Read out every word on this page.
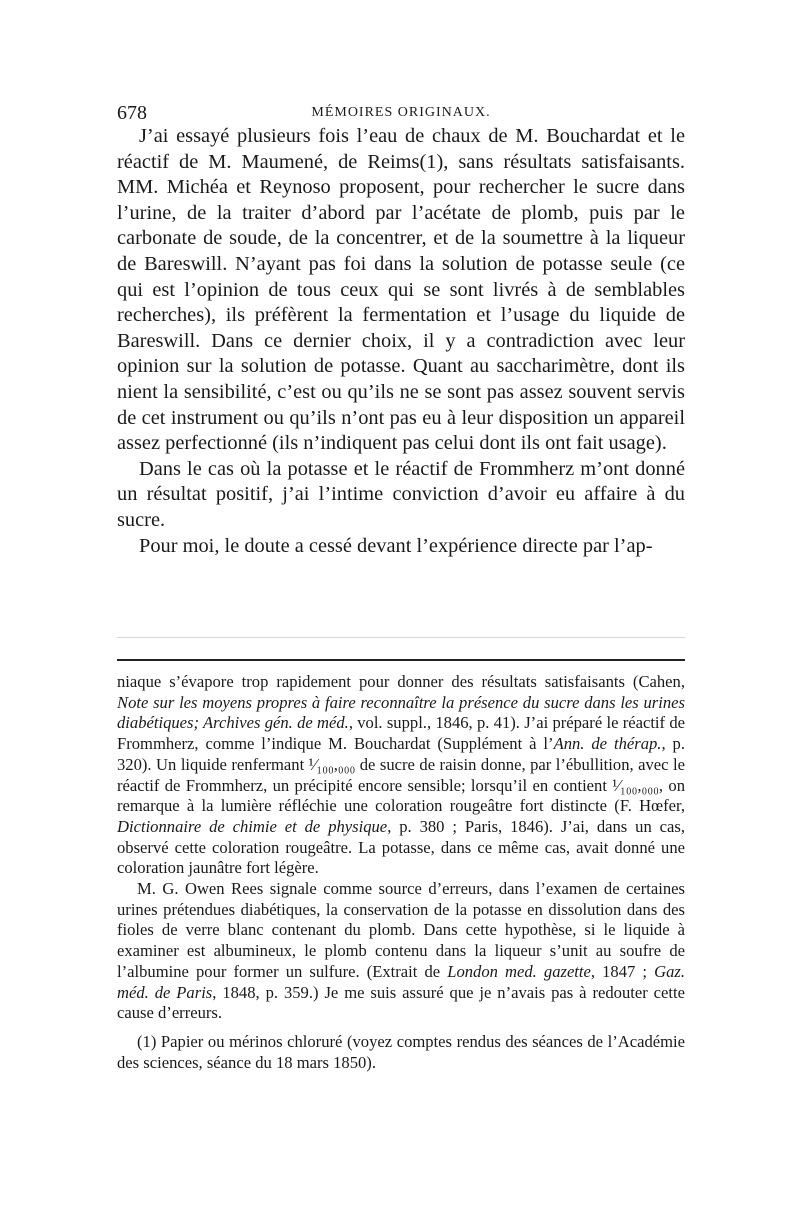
678	MÉMOIRES ORIGINAUX.

J’ai essayé plusieurs fois l’eau de chaux de M. Bouchardat et le réactif de M. Maumené, de Reims(1), sans résultats satisfaisants. MM. Michéa et Reynoso proposent, pour rechercher le sucre dans l’urine, de la traiter d’abord par l’acétate de plomb, puis par le carbonate de soude, de la concentrer, et de la soumettre à la liqueur de Bareswill. N’ayant pas foi dans la solution de potasse seule (ce qui est l’opinion de tous ceux qui se sont livrés à de semblables recherches), ils préfèrent la fermentation et l’usage du liquide de Bareswill. Dans ce dernier choix, il y a contradiction avec leur opinion sur la solution de potasse. Quant au saccharimètre, dont ils nient la sensibilité, c’est ou qu’ils ne se sont pas assez souvent servis de cet instrument ou qu’ils n’ont pas eu à leur disposition un appareil assez perfectionné (ils n’indiquent pas celui dont ils ont fait usage).

Dans le cas où la potasse et le réactif de Frommherz m’ont donné un résultat positif, j’ai l’intime conviction d’avoir eu affaire à du sucre.

Pour moi, le doute a cessé devant l’expérience directe par l’ap-

niaque s’évapore trop rapidement pour donner des résultats satisfaisants (Cahen, Note sur les moyens propres à faire reconnaître la présence du sucre dans les urines diabétiques; Archives gén. de méd., vol. suppl., 1846, p. 41). J’ai préparé le réactif de Frommherz, comme l’indique M. Bouchardat (Supplément à l’Ann. de thérap., p. 320). Un liquide renfermant ¹⁄₁₀₀,₀₀₀ de sucre de raisin donne, par l’ébullition, avec le réactif de Frommherz, un précipité encore sensible; lorsqu’il en contient ¹⁄₁₀₀,₀₀₀, on remarque à la lumière réfléchie une coloration rougeâtre fort distincte (F. Hœfer, Dictionnaire de chimie et de physique, p. 380 ; Paris, 1846). J’ai, dans un cas, observé cette coloration rougeâtre. La potasse, dans ce même cas, avait donné une coloration jaunâtre fort légère.

M. G. Owen Rees signale comme source d’erreurs, dans l’examen de certaines urines prétendues diabétiques, la conservation de la potasse en dissolution dans des fioles de verre blanc contenant du plomb. Dans cette hypothèse, si le liquide à examiner est albumineux, le plomb contenu dans la liqueur s’unit au soufre de l’albumine pour former un sulfure. (Extrait de London med. gazette, 1847 ; Gaz. méd. de Paris, 1848, p. 359.) Je me suis assuré que je n’avais pas à redouter cette cause d’erreurs.

(1) Papier ou mérinos chloruré (voyez comptes rendus des séances de l’Académie des sciences, séance du 18 mars 1850).
